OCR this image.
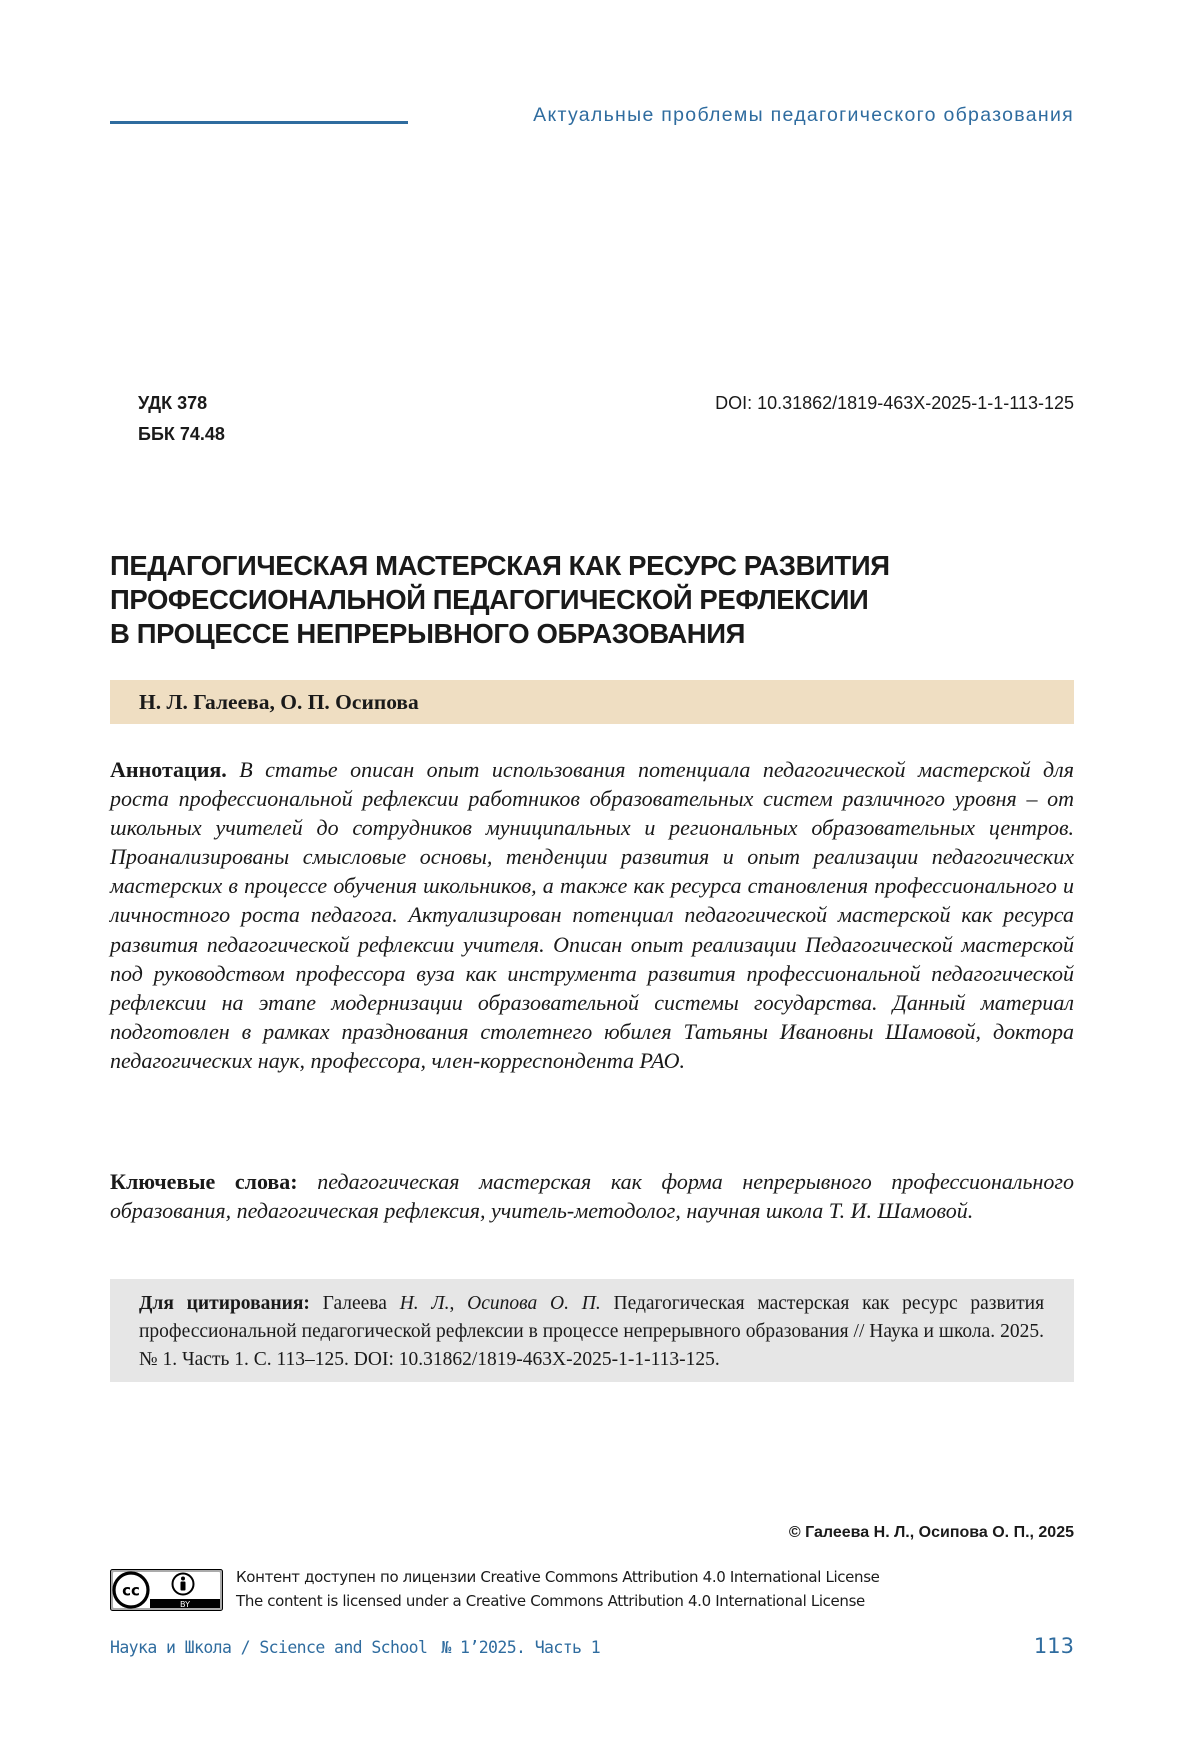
Актуальные проблемы педагогического образования
УДК 378
ББК 74.48
DOI: 10.31862/1819-463X-2025-1-1-113-125
ПЕДАГОГИЧЕСКАЯ МАСТЕРСКАЯ КАК РЕСУРС РАЗВИТИЯ
ПРОФЕССИОНАЛЬНОЙ ПЕДАГОГИЧЕСКОЙ РЕФЛЕКСИИ
В ПРОЦЕССЕ НЕПРЕРЫВНОГО ОБРАЗОВАНИЯ
Н. Л. Галеева, О. П. Осипова
Аннотация. В статье описан опыт использования потенциала педагогической мастерской для роста профессиональной рефлексии работников образовательных систем различного уровня – от школьных учителей до сотрудников муниципальных и региональных образовательных центров. Проанализированы смысловые основы, тенденции развития и опыт реализации педагогических мастерских в процессе обучения школьников, а также как ресурса становления профессионального и личностного роста педагога. Актуализирован потенциал педагогической мастерской как ресурса развития педагогической рефлексии учителя. Описан опыт реализации Педагогической мастерской под руководством профессора вуза как инструмента развития профессиональной педагогической рефлексии на этапе модернизации образовательной системы государства. Данный материал подготовлен в рамках празднования столетнего юбилея Татьяны Ивановны Шамовой, доктора педагогических наук, профессора, член-корреспондента РАО.
Ключевые слова: педагогическая мастерская как форма непрерывного профессионального образования, педагогическая рефлексия, учитель-методолог, научная школа Т. И. Шамовой.
Для цитирования: Галеева Н. Л., Осипова О. П. Педагогическая мастерская как ресурс развития профессиональной педагогической рефлексии в процессе непрерывного образования // Наука и школа. 2025. № 1. Часть 1. С. 113–125. DOI: 10.31862/1819-463X-2025-1-1-113-125.
© Галеева Н. Л., Осипова О. П., 2025
BY
cc
Контент доступен по лицензии Creative Commons Attribution 4.0 International License
The content is licensed under a Creative Commons Attribution 4.0 International License
Наука и Школа / Science and School № 1’2025. Часть 1	113
